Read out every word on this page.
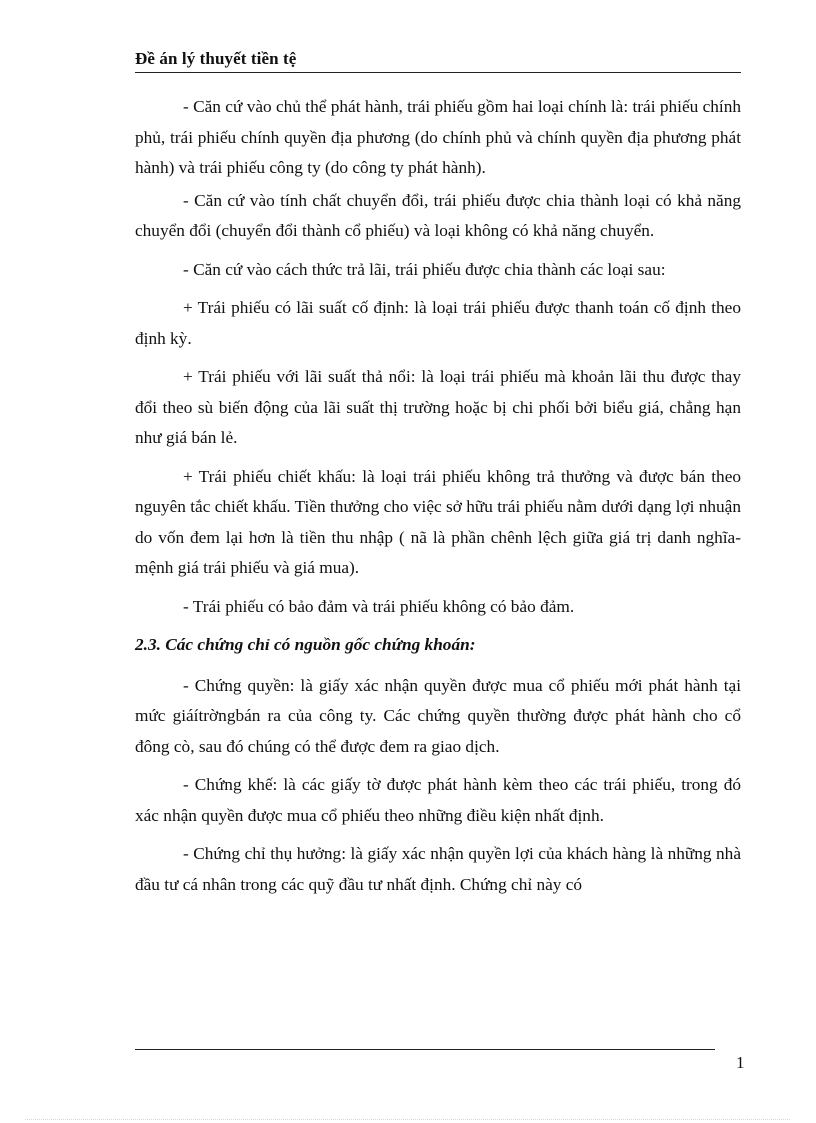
Đề án lý thuyết tiền tệ

- Căn cứ vào chủ thể phát hành, trái phiếu gồm hai loại chính là: trái phiếu chính phủ, trái phiếu chính quyền địa phương (do chính phủ và chính quyền địa phương phát hành) và trái phiếu công ty (do công ty phát hành).

- Căn cứ vào tính chất chuyển đổi, trái phiếu được chia thành loại có khả năng chuyển đổi (chuyển đổi thành cổ phiếu) và loại không có khả năng chuyển.

- Căn cứ vào cách thức trả lãi, trái phiếu được chia thành các loại sau:

+ Trái phiếu có lãi suất cố định: là loại trái phiếu được thanh toán cố định theo định kỳ.

+ Trái phiếu với lãi suất thả nổi: là loại trái phiếu mà khoản lãi thu được thay đổi theo sù biến động của lãi suất thị trường hoặc bị chi phối bởi biểu giá, chẳng hạn như giá bán lẻ.

+ Trái phiếu chiết khấu: là loại trái phiếu không trả thưởng và được bán theo nguyên tắc chiết khấu. Tiền thưởng cho việc sở hữu trái phiếu nằm dưới dạng lợi nhuận do vốn đem lại hơn là tiền thu nhập ( nã là phần chênh lệch giữa giá trị danh nghĩa- mệnh giá trái phiếu và giá mua).

- Trái phiếu có bảo đảm và trái phiếu không có bảo đảm.

2.3. Các chứng chỉ có nguồn gốc chứng khoán:

- Chứng quyền: là giấy xác nhận quyền được mua cổ phiếu mới phát hành tại mức giáítrờngbán ra của công ty. Các chứng quyền thường được phát hành cho cổ đông cò, sau đó chúng có thể được đem ra giao dịch.

- Chứng khế: là các giấy tờ được phát hành kèm theo các trái phiếu, trong đó xác nhận quyền được mua cổ phiếu theo những điều kiện nhất định.

- Chứng chỉ thụ hưởng: là giấy xác nhận quyền lợi của khách hàng là những nhà đầu tư cá nhân trong các quỹ đầu tư nhất định. Chứng chỉ này có

1
